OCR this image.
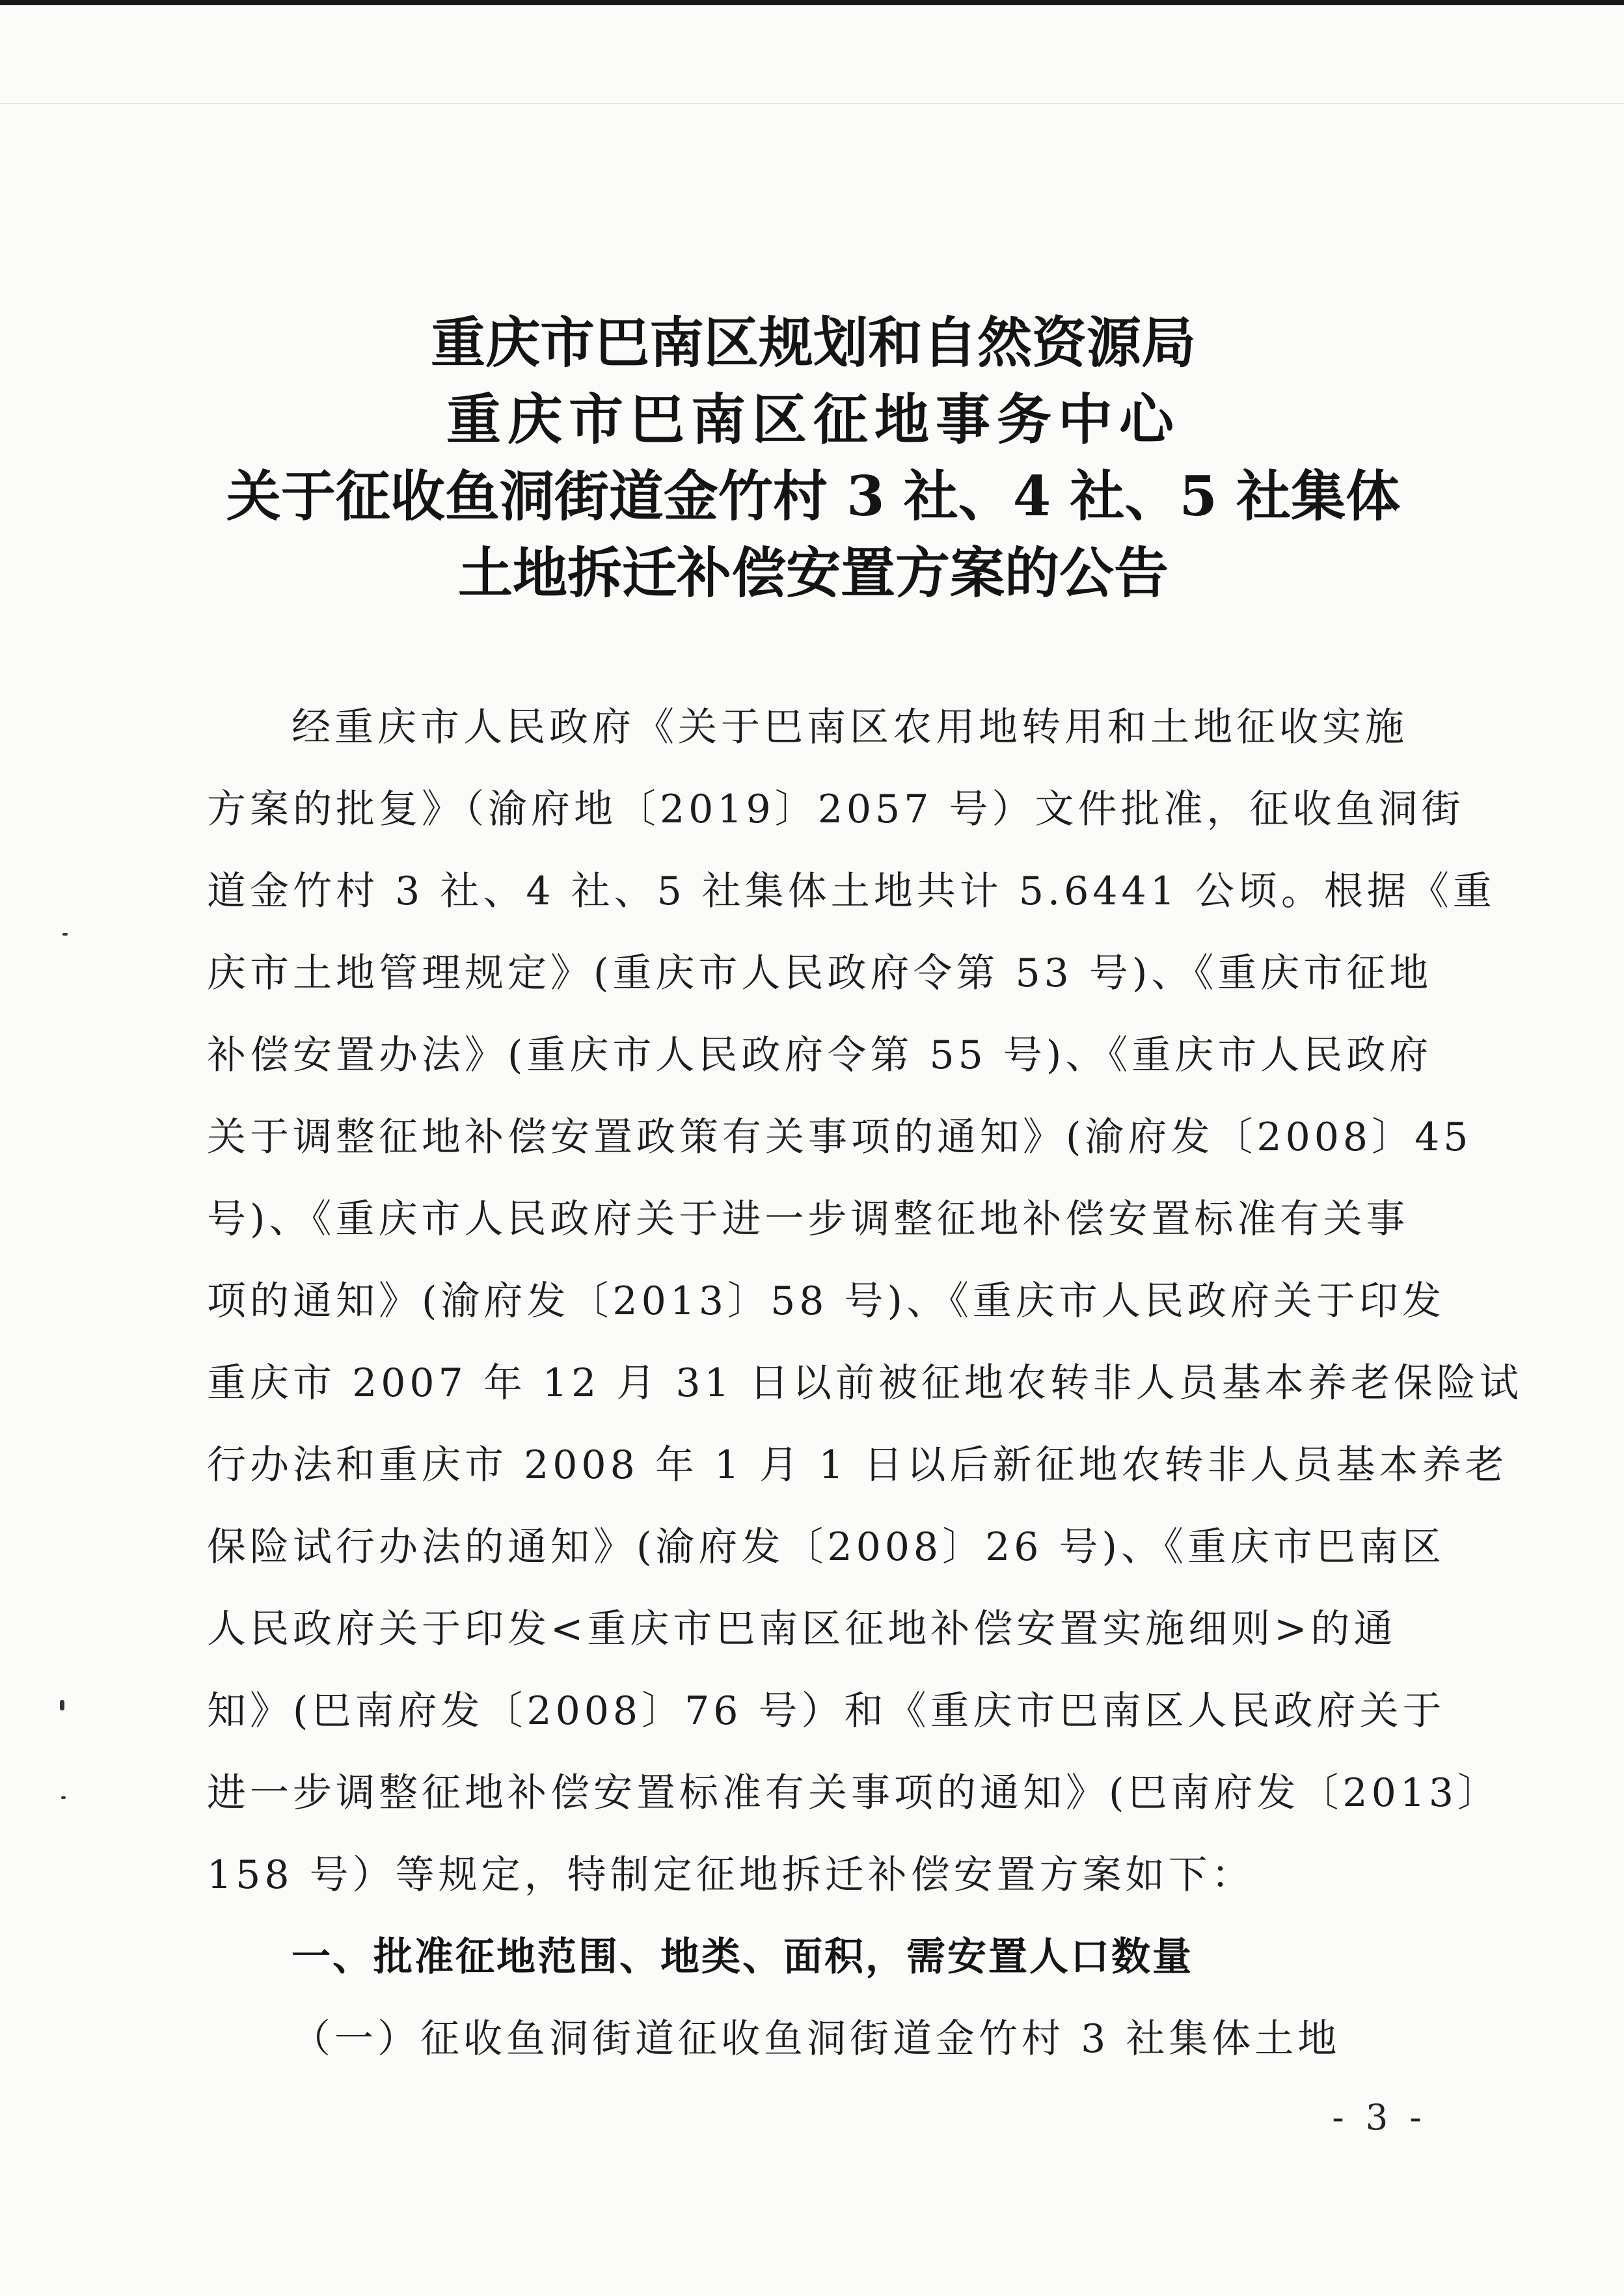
重庆市巴南区规划和自然资源局
重庆市巴南区征地事务中心
关于征收鱼洞街道金竹村 3 社、4 社、5 社集体
土地拆迁补偿安置方案的公告
经重庆市人民政府《关于巴南区农用地转用和土地征收实施
方案的批复》（渝府地〔2019〕2057 号）文件批准，征收鱼洞街
道金竹村 3 社、4 社、5 社集体土地共计 5.6441 公顷。根据《重
庆市土地管理规定》(重庆市人民政府令第 53 号)、《重庆市征地
补偿安置办法》(重庆市人民政府令第 55 号)、《重庆市人民政府
关于调整征地补偿安置政策有关事项的通知》(渝府发〔2008〕45
号)、《重庆市人民政府关于进一步调整征地补偿安置标准有关事
项的通知》(渝府发〔2013〕58 号)、《重庆市人民政府关于印发
重庆市 2007 年 12 月 31 日以前被征地农转非人员基本养老保险试
行办法和重庆市 2008 年 1 月 1 日以后新征地农转非人员基本养老
保险试行办法的通知》(渝府发〔2008〕26 号)、《重庆市巴南区
人民政府关于印发<重庆市巴南区征地补偿安置实施细则>的通
知》(巴南府发〔2008〕76 号）和《重庆市巴南区人民政府关于
进一步调整征地补偿安置标准有关事项的通知》(巴南府发〔2013〕
158 号）等规定，特制定征地拆迁补偿安置方案如下：
一、批准征地范围、地类、面积，需安置人口数量
（一）征收鱼洞街道征收鱼洞街道金竹村 3 社集体土地
- 3 -
